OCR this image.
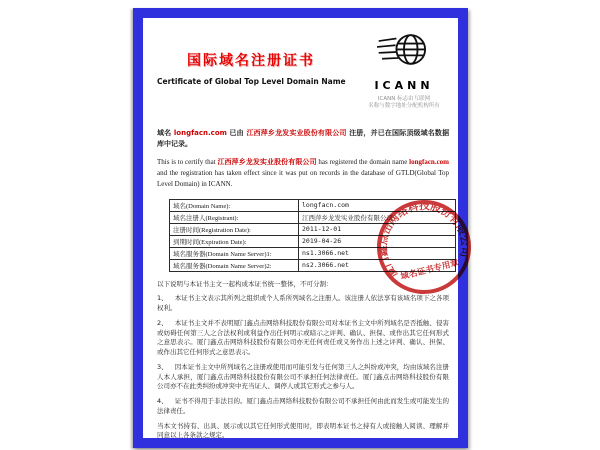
国际域名注册证书
Certificate of Global Top Level Domain Name	ICANN
ICANN 标志由互联网
名称与数字地址分配机构所有

域名 longfacn.com 已由 江西萍乡龙发实业股份有限公司 注册，并已在国际顶级域名数据库中记录。

This is to certify that 江西萍乡龙发实业股份有限公司 has registered the domain name longfacn.com and the registration has taken effect since it was put on records in the database of GTLD(Global Top Level Domain) in ICANN.

域名(Domain Name):	longfacn.com
域名注册人(Registrant):	江西萍乡龙发实业股份有限公司
注册时间(Registration Date):	2011-12-01
到期时间(Expiration Date):	2019-04-26
域名服务器(Domain Name Server)1:	ns1.3066.net
域名服务器(Domain Name Server)2:	ns2.3066.net

以下说明与本证书主文一起构成本证书统一整体，不可分割：

1、 本证书主文表示其所列之组织或个人系所列域名之注册人。该注册人依法享有该域名项下之各项权利。

2、 本证书主文并不表明厦门鑫点击网络科技股份有限公司对本证书主文中所列域名是否抵触、侵害或妨碍任何第三人之合法权利或利益作出任何明示或暗示之评判、确认、担保、或作出其它任何形式之意思表示。厦门鑫点击网络科技股份有限公司亦无任何责任或义务作出上述之评判、确认、担保、或作出其它任何形式之意思表示。

3、 因本证书主文中所列域名之注册或使用而可能引发与任何第三人之纠纷或冲突，均由该域名注册人本人承担，厦门鑫点击网络科技股份有限公司不承担任何法律责任。厦门鑫点击网络科技股份有限公司亦不在此类纠纷或冲突中充当证人、调停人或其它形式之参与人。

4、 证书不得用于非法目的。厦门鑫点击网络科技股份有限公司不承担任何由此而发生或可能发生的法律责任。

当本文书持有、出具、展示或以其它任何形式使用时，即表明本证书之持有人或接触人阅读、理解并同意以上各条款之规定。

厦门鑫点击网络科技股份有限公司
域名证书专用章
